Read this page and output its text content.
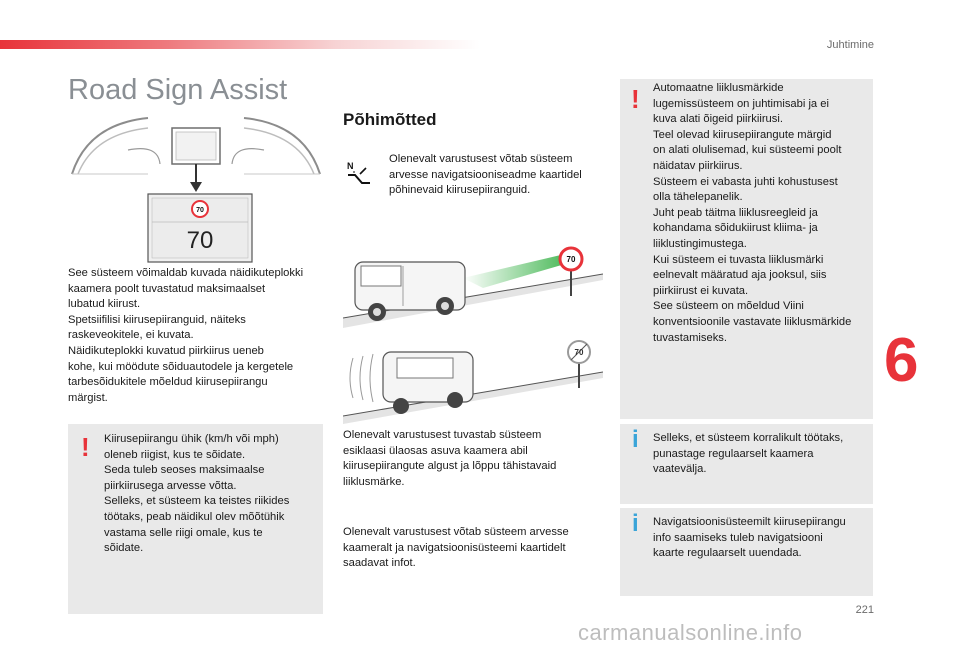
Juhtimine
6
221
carmanualsonline.info
Road Sign Assist
70
70
See süsteem võimaldab kuvada näidikuteplokki
kaamera poolt tuvastatud maksimaalset
lubatud kiirust.
Spetsiifilisi kiirusepiiranguid, näiteks
raskeveokitele, ei kuvata.
Näidikuteplokki kuvatud piirkiirus ueneb
kohe, kui möödute sõiduautodele ja kergetele
tarbesõidukitele mõeldud kiirusepiirangu
märgist.
! Kiirusepiirangu ühik (km/h või mph)
oleneb riigist, kus te sõidate.
Seda tuleb seoses maksimaalse
piirkiirusega arvesse võtta.
Selleks, et süsteem ka teistes riikides
töötaks, peab näidikul olev mõõtühik
vastama selle riigi omale, kus te
sõidate.
Põhimõtted
N
Olenevalt varustusest võtab süsteem
arvesse navigatsiooniseadme kaartidel
põhinevaid kiirusepiiranguid.
70
70
Olenevalt varustusest tuvastab süsteem
esiklaasi ülaosas asuva kaamera abil
kiirusepiirangute algust ja lõppu tähistavaid
liiklusmärke.
Olenevalt varustusest võtab süsteem arvesse
kaameralt ja navigatsioonisüsteemi kaartidelt
saadavat infot.
! Automaatne liiklusmärkide
lugemissüsteem on juhtimisabi ja ei
kuva alati õigeid piirkiirusi.
Teel olevad kiirusepiirangute märgid
on alati olulisemad, kui süsteemi poolt
näidatav piirkiirus.
Süsteem ei vabasta juhti kohustusest
olla tähelepanelik.
Juht peab täitma liiklusreegleid ja
kohandama sõidukiirust kliima- ja
liiklustingimustega.
Kui süsteem ei tuvasta liiklusmärki
eelnevalt määratud aja jooksul, siis
piirkiirust ei kuvata.
See süsteem on mõeldud Viini
konventsioonile vastavate liiklusmärkide
tuvastamiseks.
i Selleks, et süsteem korralikult töötaks,
punastage regulaarselt kaamera
vaatevälja.
i Navigatsioonisüsteemilt kiirusepiirangu
info saamiseks tuleb navigatsiooni
kaarte regulaarselt uuendada.
